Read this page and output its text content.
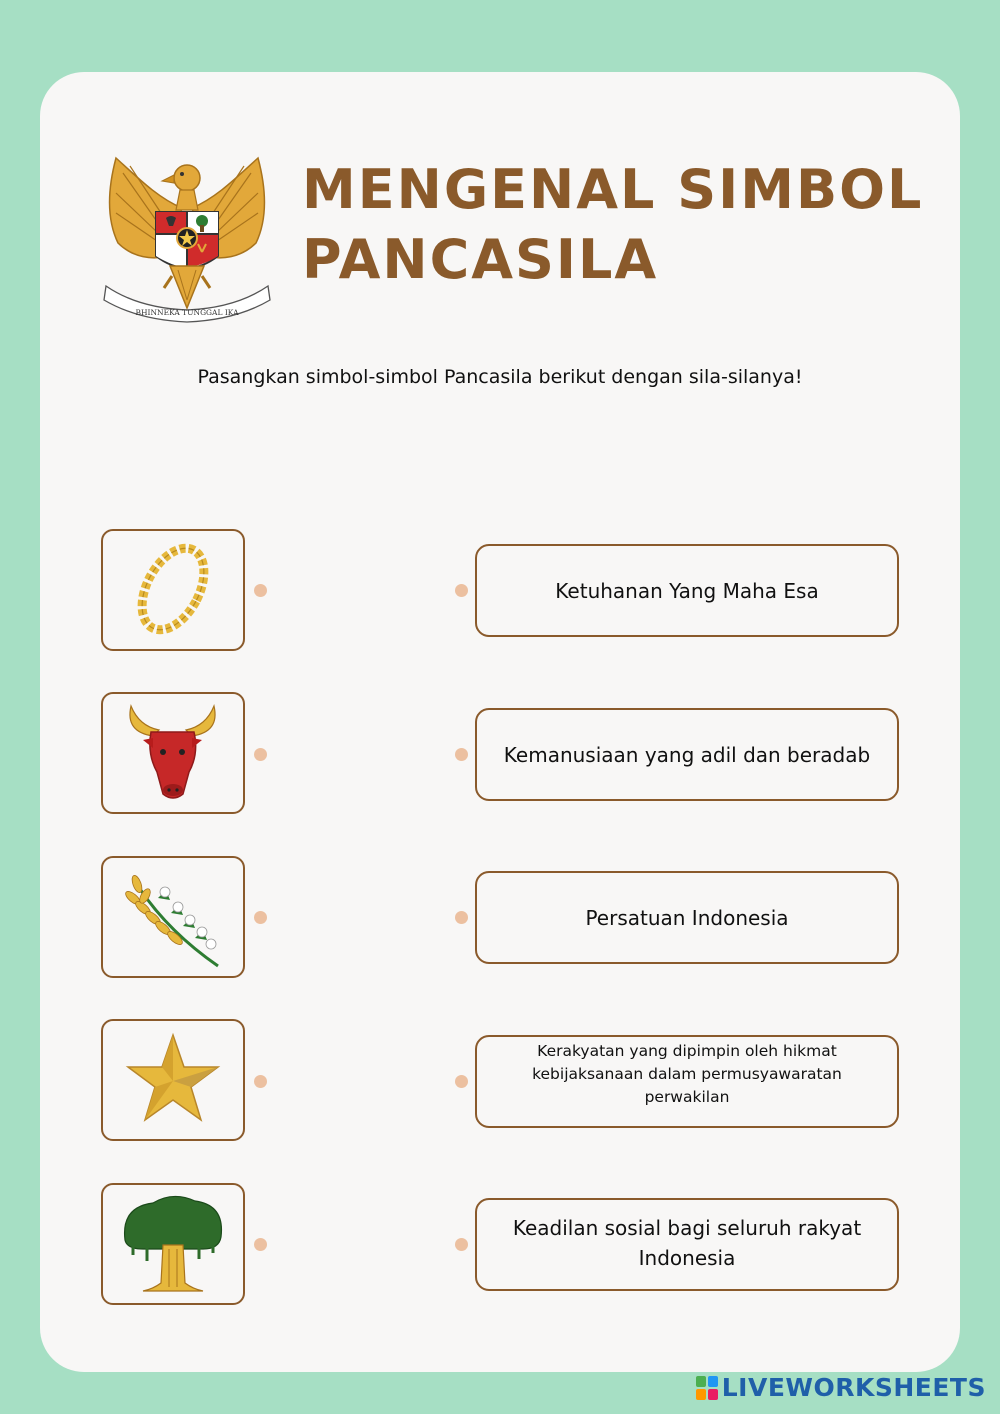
BHINNEKA TUNGGAL IKA
MENGENAL SIMBOL
PANCASILA
Pasangkan simbol-simbol Pancasila berikut dengan sila-silanya!
Ketuhanan Yang Maha Esa
Kemanusiaan yang adil dan beradab
Persatuan Indonesia
Kerakyatan yang dipimpin oleh hikmat
kebijaksanaan dalam permusyawaratan
perwakilan
Keadilan sosial bagi seluruh rakyat
Indonesia
LIVEWORKSHEETS
